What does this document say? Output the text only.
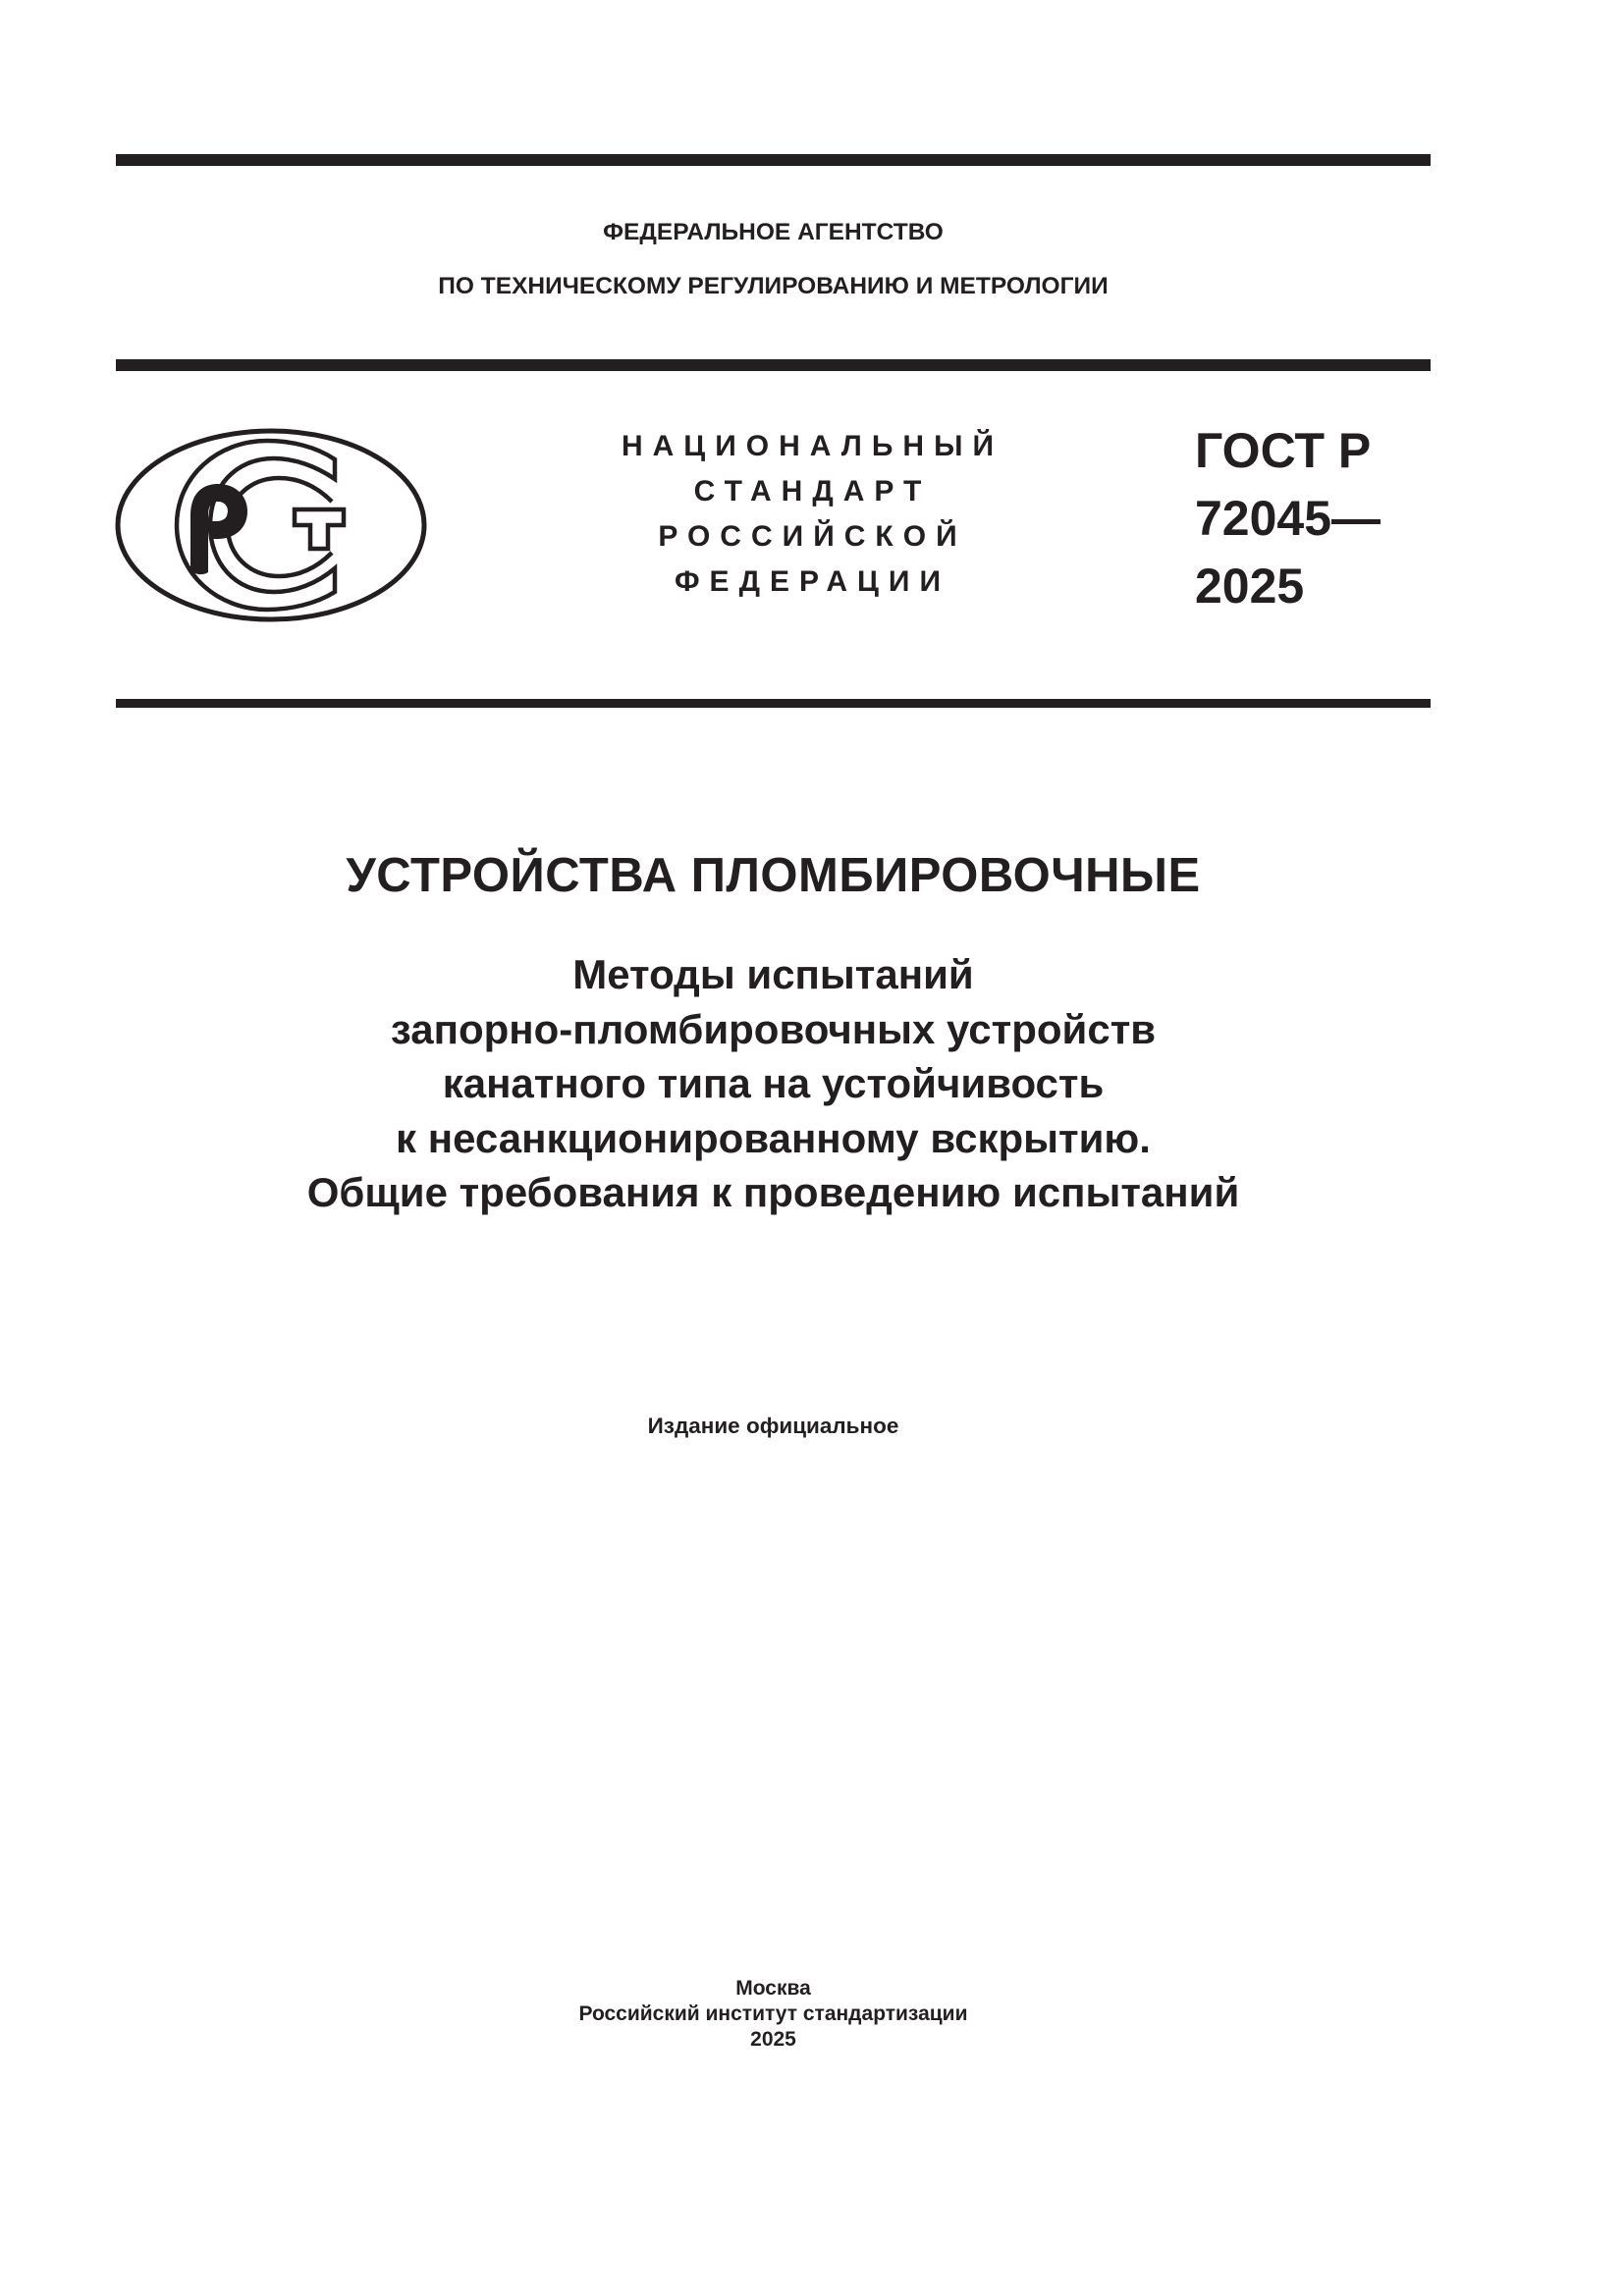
ФЕДЕРАЛЬНОЕ АГЕНТСТВО
ПО ТЕХНИЧЕСКОМУ РЕГУЛИРОВАНИЮ И МЕТРОЛОГИИ
НАЦИОНАЛЬНЫЙ
СТАНДАРТ
РОССИЙСКОЙ
ФЕДЕРАЦИИ
ГОСТ Р
72045—
2025
УСТРОЙСТВА ПЛОМБИРОВОЧНЫЕ
Методы испытаний
запорно-пломбировочных устройств
канатного типа на устойчивость
к несанкционированному вскрытию.
Общие требования к проведению испытаний
Издание официальное
Москва
Российский институт стандартизации
2025
